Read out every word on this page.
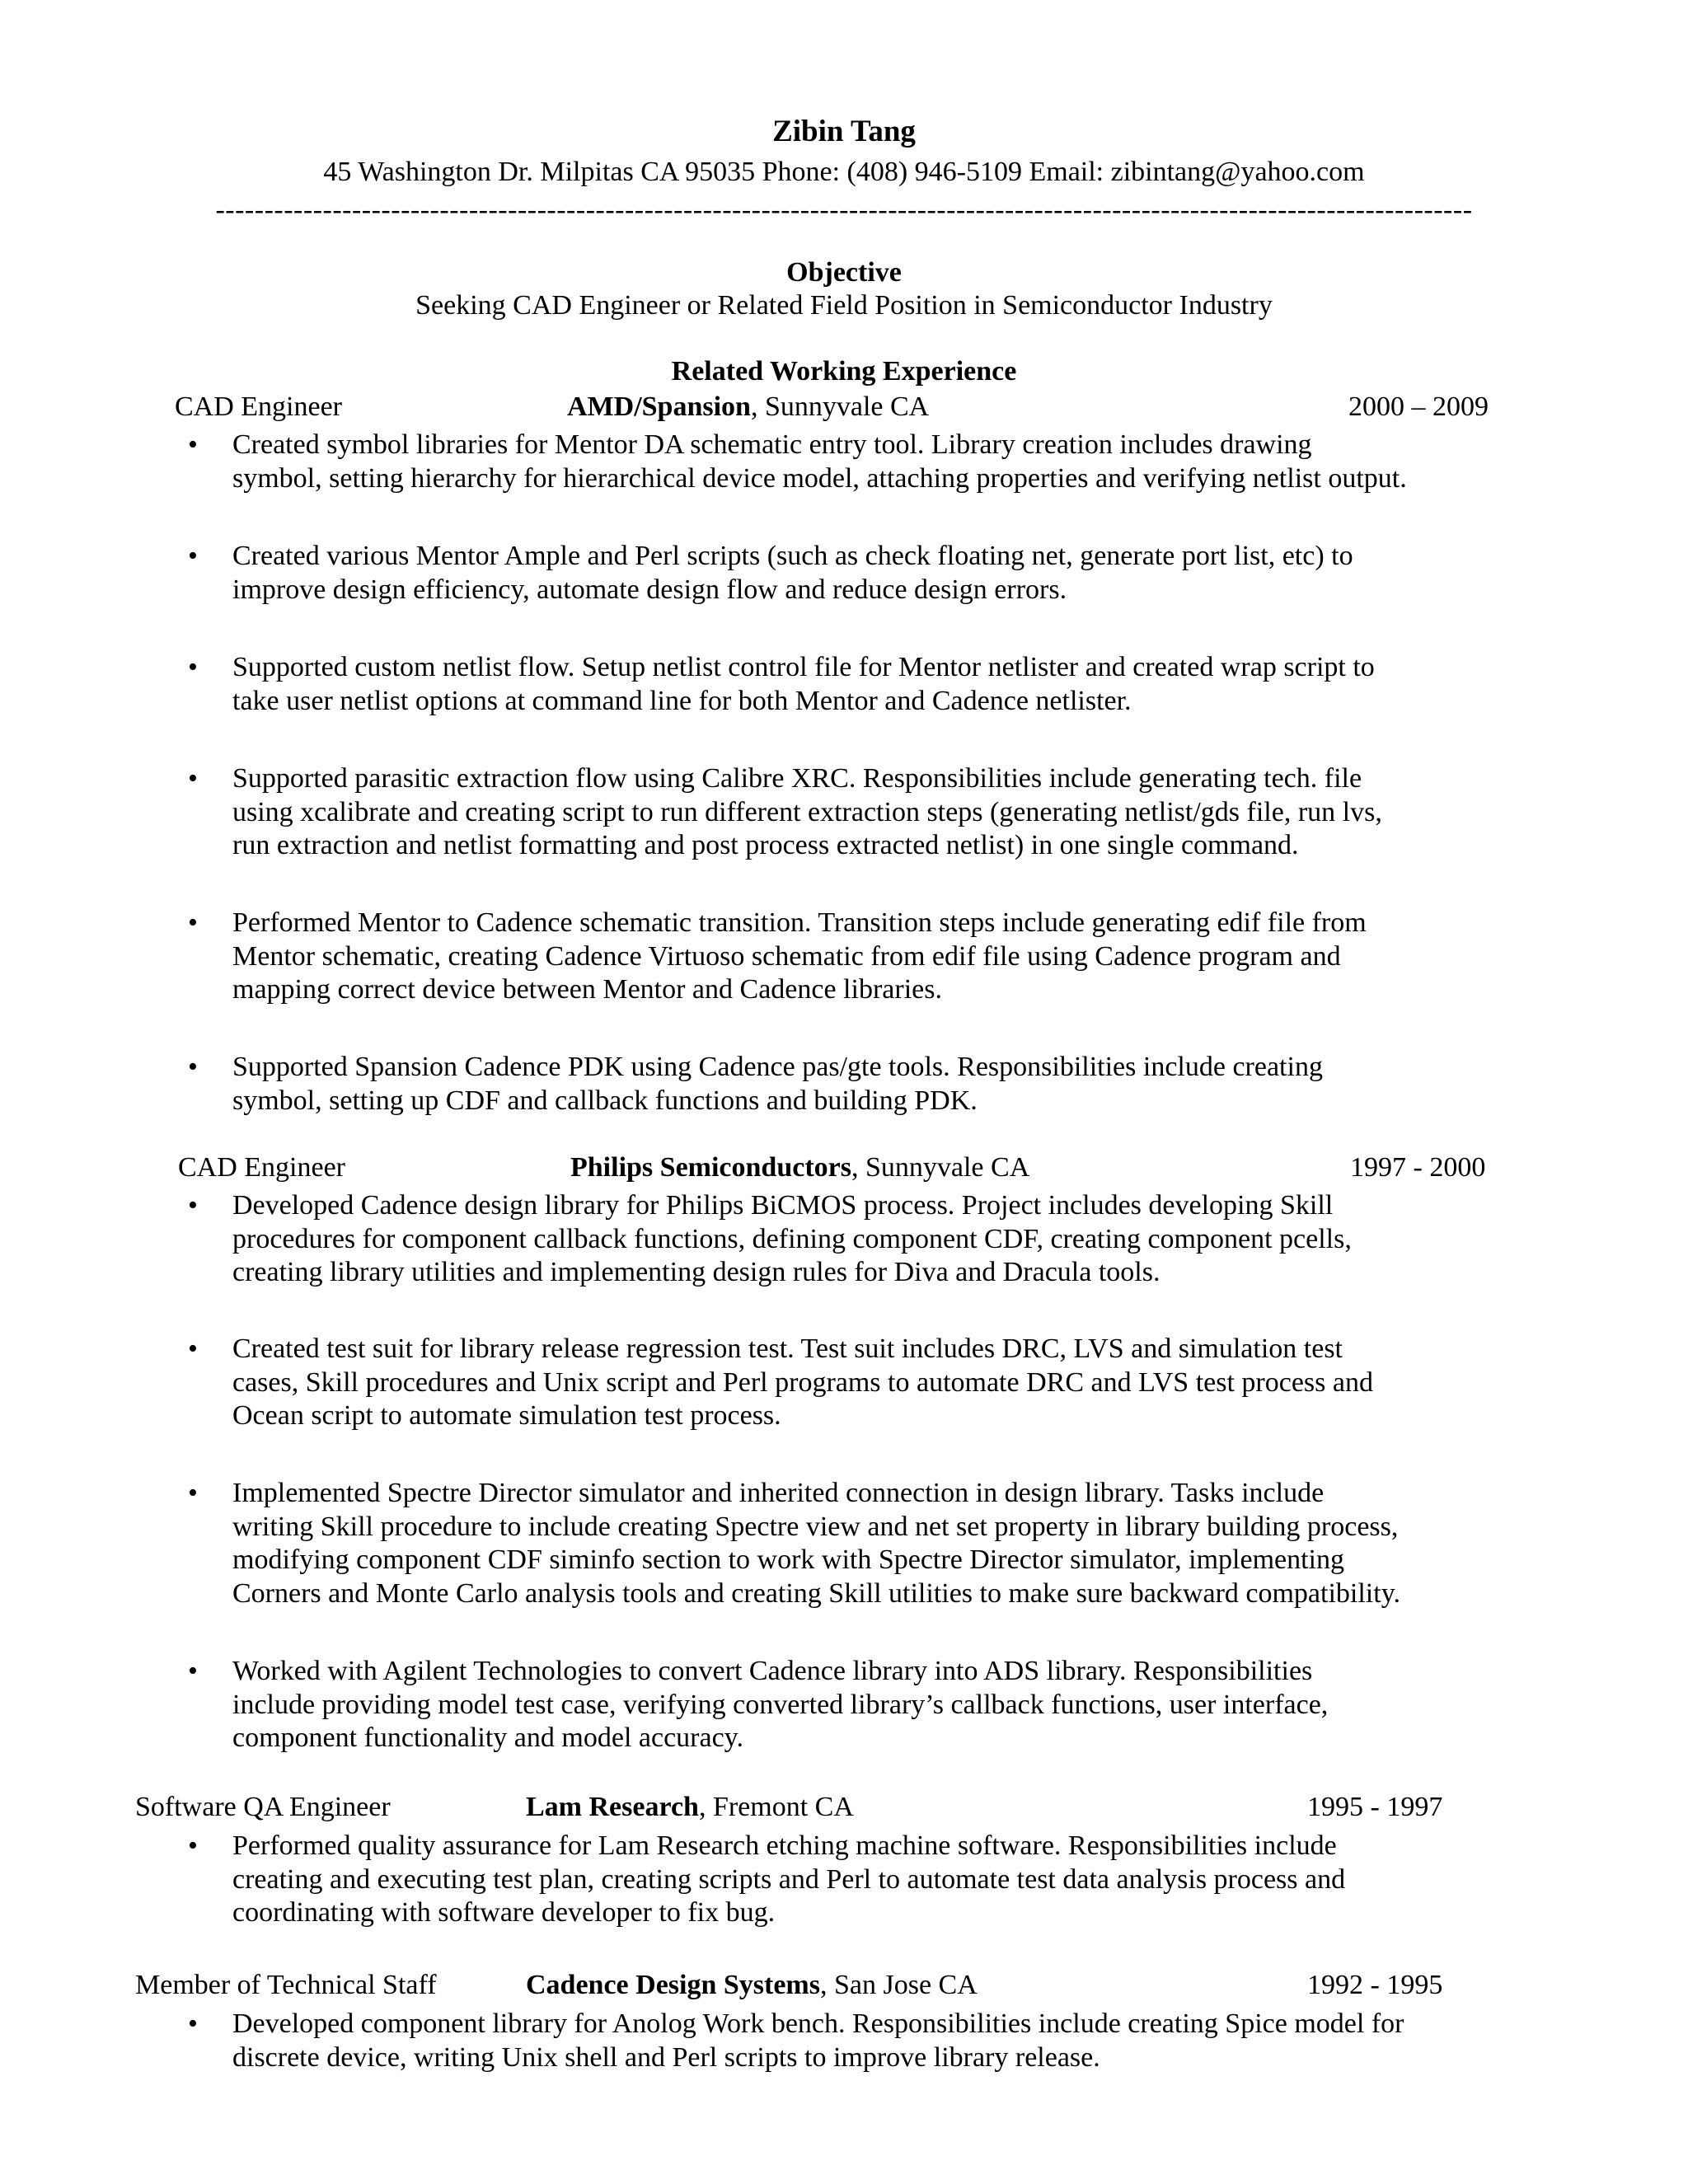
Zibin Tang
45 Washington Dr. Milpitas CA 95035 Phone: (408) 946-5109 Email: zibintang@yahoo.com
---------------------------------------------------------------------------------------------------------------------------------
Objective
Seeking CAD Engineer or Related Field Position in Semiconductor Industry
Related Working Experience
CAD Engineer	AMD/Spansion, Sunnyvale CA	2000 – 2009
•	Created symbol libraries for Mentor DA schematic entry tool. Library creation includes drawing
symbol, setting hierarchy for hierarchical device model, attaching properties and verifying netlist output.
•	Created various Mentor Ample and Perl scripts (such as check floating net, generate port list, etc) to
improve design efficiency, automate design flow and reduce design errors.
•	Supported custom netlist flow. Setup netlist control file for Mentor netlister and created wrap script to
take user netlist options at command line for both Mentor and Cadence netlister.
•	Supported parasitic extraction flow using Calibre XRC. Responsibilities include generating tech. file
using xcalibrate and creating script to run different extraction steps (generating netlist/gds file, run lvs,
run extraction and netlist formatting and post process extracted netlist) in one single command.
•	Performed Mentor to Cadence schematic transition. Transition steps include generating edif file from
Mentor schematic, creating Cadence Virtuoso schematic from edif file using Cadence program and
mapping correct device between Mentor and Cadence libraries.
•	Supported Spansion Cadence PDK using Cadence pas/gte tools. Responsibilities include creating
symbol, setting up CDF and callback functions and building PDK.
CAD Engineer	Philips Semiconductors, Sunnyvale CA	1997 - 2000
•	Developed Cadence design library for Philips BiCMOS process. Project includes developing Skill
procedures for component callback functions, defining component CDF, creating component pcells,
creating library utilities and implementing design rules for Diva and Dracula tools.
•	Created test suit for library release regression test. Test suit includes DRC, LVS and simulation test
cases, Skill procedures and Unix script and Perl programs to automate DRC and LVS test process and
Ocean script to automate simulation test process.
•	Implemented Spectre Director simulator and inherited connection in design library. Tasks include
writing Skill procedure to include creating Spectre view and net set property in library building process,
modifying component CDF siminfo section to work with Spectre Director simulator, implementing
Corners and Monte Carlo analysis tools and creating Skill utilities to make sure backward compatibility.
•	Worked with Agilent Technologies to convert Cadence library into ADS library. Responsibilities
include providing model test case, verifying converted library’s callback functions, user interface,
component functionality and model accuracy.
Software QA Engineer	Lam Research, Fremont CA	1995 - 1997
•	Performed quality assurance for Lam Research etching machine software. Responsibilities include
creating and executing test plan, creating scripts and Perl to automate test data analysis process and
coordinating with software developer to fix bug.
Member of Technical Staff	Cadence Design Systems, San Jose CA	1992 - 1995
•	Developed component library for Anolog Work bench. Responsibilities include creating Spice model for
discrete device, writing Unix shell and Perl scripts to improve library release.
